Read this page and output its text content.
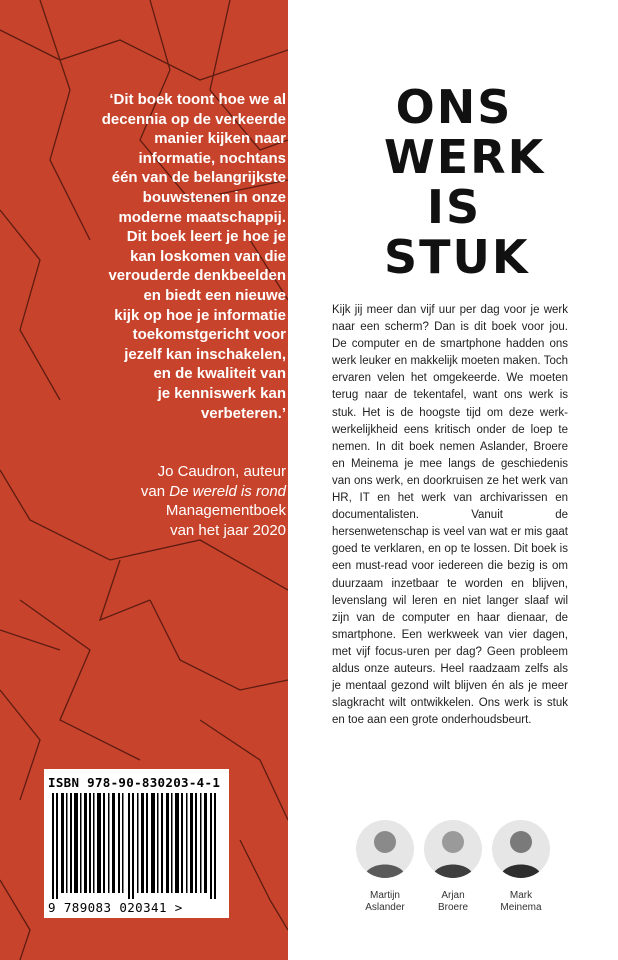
‘Dit boek toont hoe we al
decennia op de verkeerde
manier kijken naar
informatie, nochtans
één van de belangrijkste
bouwstenen in onze
moderne maatschappij.
Dit boek leert je hoe je
kan loskomen van die
verouderde denkbeelden
en biedt een nieuwe
kijk op hoe je informatie
toekomstgericht voor
jezelf kan inschakelen,
en de kwaliteit van
je kenniswerk kan
verbeteren.’

Jo Caudron, auteur
van De wereld is rond
Managementboek
van het jaar 2020
ISBN 978-90-830203-4-1
9 789083 020341 >
ONS
WERK
IS
STUK

Kijk jij meer dan vijf uur per dag voor je werk naar een scherm? Dan is dit boek voor jou. De computer en de smartphone hadden ons werk leuker en makkelijk moeten maken. Toch ervaren velen het omgekeerde. We moeten terug naar de tekentafel, want ons werk is stuk. Het is de hoogste tijd om deze werk-werkelijkheid eens kritisch onder de loep te nemen. In dit boek nemen Aslander, Broere en Meinema je mee langs de geschiedenis van ons werk, en doorkruisen ze het werk van HR, IT en het werk van archivarissen en documentalisten. Vanuit de hersenwetenschap is veel van wat er mis gaat goed te verklaren, en op te lossen. Dit boek is een must-read voor iedereen die bezig is om duurzaam inzetbaar te worden en blijven, levenslang wil leren en niet langer slaaf wil zijn van de computer en haar dienaar, de smartphone. Een werkweek van vier dagen, met vijf focus-uren per dag? Geen probleem aldus onze auteurs. Heel raadzaam zelfs als je mentaal gezond wilt blijven én als je meer slagkracht wilt ontwikkelen. Ons werk is stuk en toe aan een grote onderhoudsbeurt.

Martijn
Aslander
Arjan
Broere
Mark
Meinema
